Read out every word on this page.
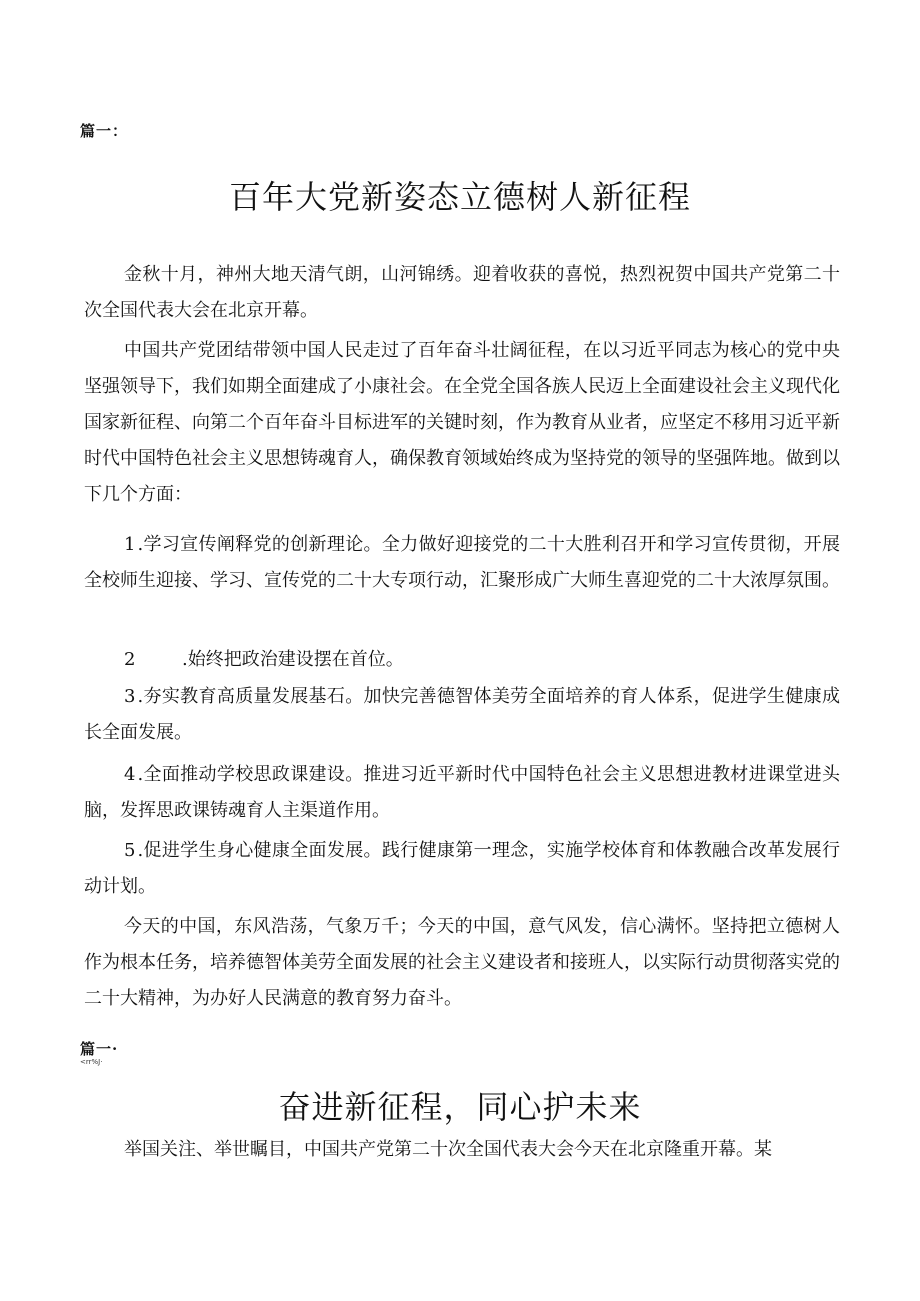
篇一：
百年大党新姿态立德树人新征程

金秋十月，神州大地天清气朗，山河锦绣。迎着收获的喜悦，热烈祝贺中国共产党第二十次全国代表大会在北京开幕。

中国共产党团结带领中国人民走过了百年奋斗壮阔征程，在以习近平同志为核心的党中央坚强领导下，我们如期全面建成了小康社会。在全党全国各族人民迈上全面建设社会主义现代化国家新征程、向第二个百年奋斗目标进军的关键时刻，作为教育从业者，应坚定不移用习近平新时代中国特色社会主义思想铸魂育人，确保教育领域始终成为坚持党的领导的坚强阵地。做到以下几个方面：

1.学习宣传阐释党的创新理论。全力做好迎接党的二十大胜利召开和学习宣传贯彻，开展全校师生迎接、学习、宣传党的二十大专项行动，汇聚形成广大师生喜迎党的二十大浓厚氛围。

2	.始终把政治建设摆在首位。

3.夯实教育高质量发展基石。加快完善德智体美劳全面培养的育人体系，促进学生健康成长全面发展。

4.全面推动学校思政课建设。推进习近平新时代中国特色社会主义思想进教材进课堂进头脑，发挥思政课铸魂育人主渠道作用。

5.促进学生身心健康全面发展。践行健康第一理念，实施学校体育和体教融合改革发展行动计划。

今天的中国，东风浩荡，气象万千；今天的中国，意气风发，信心满怀。坚持把立德树人作为根本任务，培养德智体美劳全面发展的社会主义建设者和接班人，以实际行动贯彻落实党的二十大精神，为办好人民满意的教育努力奋斗。

篇一·
<rr%J·
奋进新征程，同心护未来

举国关注、举世瞩目，中国共产党第二十次全国代表大会今天在北京隆重开幕。某
